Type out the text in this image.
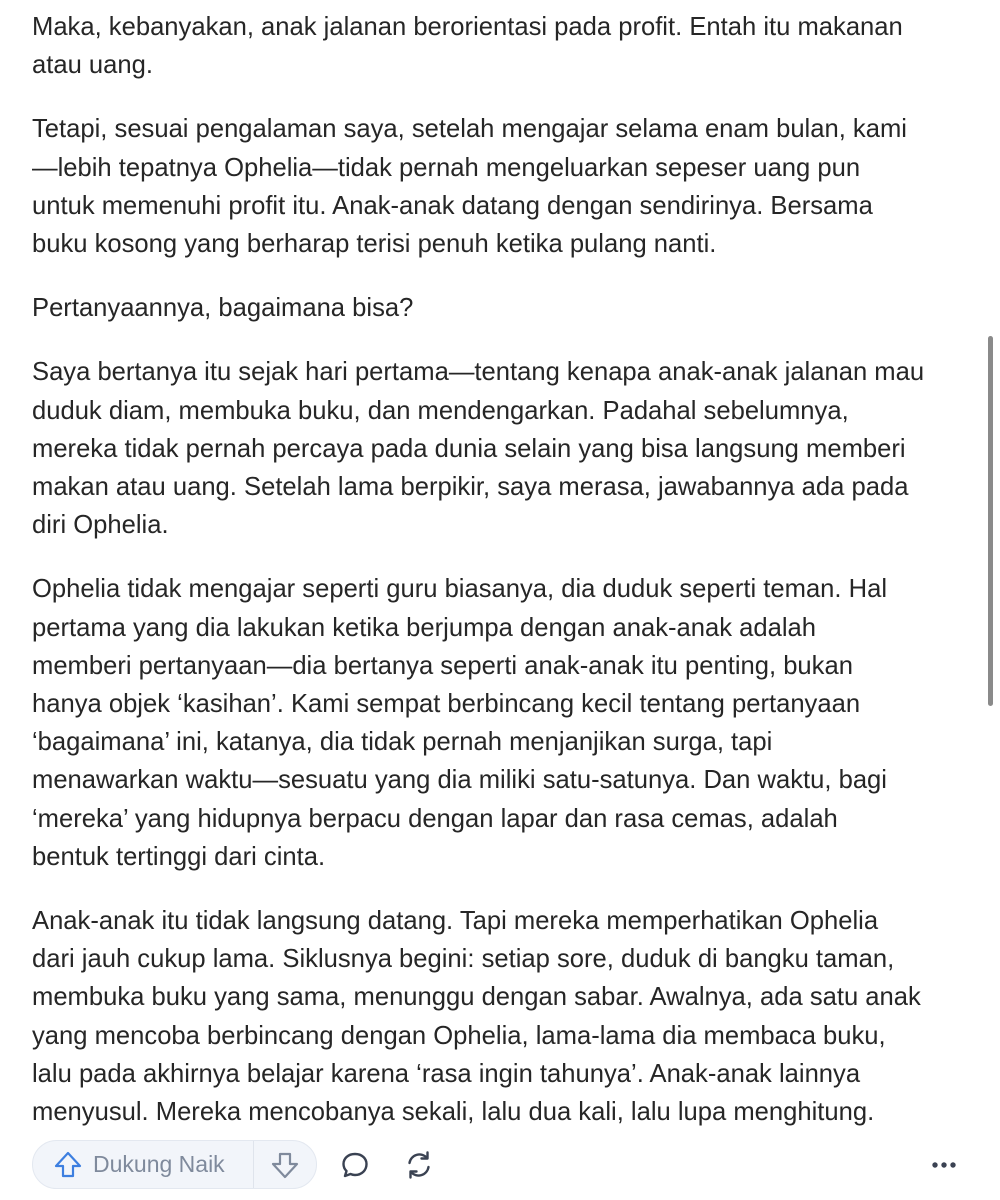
Maka, kebanyakan, anak jalanan berorientasi pada profit. Entah itu makanan
atau uang.

Tetapi, sesuai pengalaman saya, setelah mengajar selama enam bulan, kami
—lebih tepatnya Ophelia—tidak pernah mengeluarkan sepeser uang pun
untuk memenuhi profit itu. Anak-anak datang dengan sendirinya. Bersama
buku kosong yang berharap terisi penuh ketika pulang nanti.

Pertanyaannya, bagaimana bisa?

Saya bertanya itu sejak hari pertama—tentang kenapa anak-anak jalanan mau
duduk diam, membuka buku, dan mendengarkan. Padahal sebelumnya,
mereka tidak pernah percaya pada dunia selain yang bisa langsung memberi
makan atau uang. Setelah lama berpikir, saya merasa, jawabannya ada pada
diri Ophelia.

Ophelia tidak mengajar seperti guru biasanya, dia duduk seperti teman. Hal
pertama yang dia lakukan ketika berjumpa dengan anak-anak adalah
memberi pertanyaan—dia bertanya seperti anak-anak itu penting, bukan
hanya objek ‘kasihan’. Kami sempat berbincang kecil tentang pertanyaan
‘bagaimana’ ini, katanya, dia tidak pernah menjanjikan surga, tapi
menawarkan waktu—sesuatu yang dia miliki satu-satunya. Dan waktu, bagi
‘mereka’ yang hidupnya berpacu dengan lapar dan rasa cemas, adalah
bentuk tertinggi dari cinta.

Anak-anak itu tidak langsung datang. Tapi mereka memperhatikan Ophelia
dari jauh cukup lama. Siklusnya begini: setiap sore, duduk di bangku taman,
membuka buku yang sama, menunggu dengan sabar. Awalnya, ada satu anak
yang mencoba berbincang dengan Ophelia, lama-lama dia membaca buku,
lalu pada akhirnya belajar karena ‘rasa ingin tahunya’. Anak-anak lainnya
menyusul. Mereka mencobanya sekali, lalu dua kali, lalu lupa menghitung.

Dukung Naik
